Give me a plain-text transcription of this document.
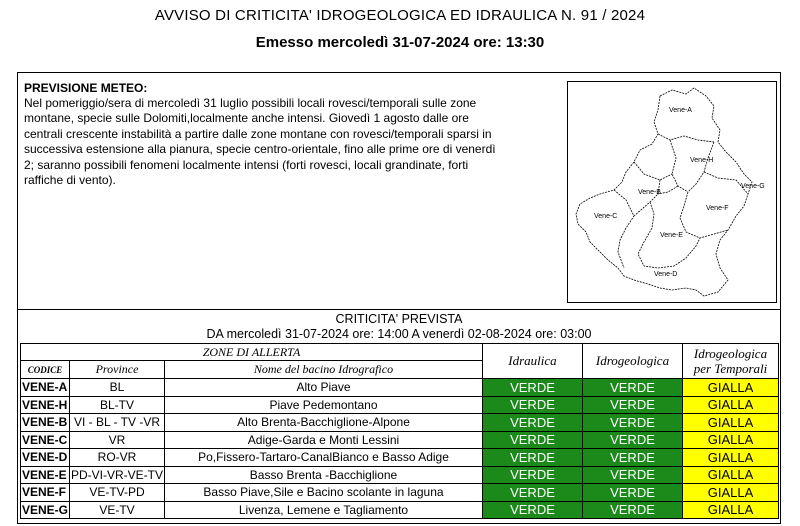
AVVISO DI CRITICITA' IDROGEOLOGICA ED IDRAULICA N. 91 / 2024
Emesso mercoledì 31-07-2024 ore: 13:30
PREVISIONE METEO:
Nel pomeriggio/sera di mercoledì 31 luglio possibili locali rovesci/temporali sulle zone
montane, specie sulle Dolomiti,localmente anche intensi. Giovedì 1 agosto dalle ore
centrali crescente instabilità a partire dalle zone montane con rovesci/temporali sparsi in
successiva estensione alla pianura, specie centro-orientale, fino alle prime ore di venerdì
2; saranno possibili fenomeni localmente intensi (forti rovesci, locali grandinate, forti
raffiche di vento).
Vene-A
Vene-H
Vene-G
Vene-B
Vene-F
Vene-C
Vene-E
Vene-D
CRITICITA' PREVISTA
DA mercoledì 31-07-2024 ore: 14:00 A venerdì 02-08-2024 ore: 03:00
ZONE DI ALLERTA			Idraulica	Idrogeologica	Idrogeologica
per Temporali

CODICE	Province	Nome del bacino Idrografico			
VENE-A	BL	Alto Piave	VERDE	VERDE	GIALLA
VENE-H	BL-TV	Piave Pedemontano	VERDE	VERDE	GIALLA
VENE-B	VI - BL - TV -VR	Alto Brenta-Bacchiglione-Alpone	VERDE	VERDE	GIALLA
VENE-C	VR	Adige-Garda e Monti Lessini	VERDE	VERDE	GIALLA
VENE-D	RO-VR	Po,Fissero-Tartaro-CanalBianco e Basso Adige	VERDE	VERDE	GIALLA
VENE-E	PD-VI-VR-VE-TV	Basso Brenta -Bacchiglione	VERDE	VERDE	GIALLA
VENE-F	VE-TV-PD	Basso Piave,Sile e Bacino scolante in laguna	VERDE	VERDE	GIALLA
VENE-G	VE-TV	Livenza, Lemene e Tagliamento	VERDE	VERDE	GIALLA
